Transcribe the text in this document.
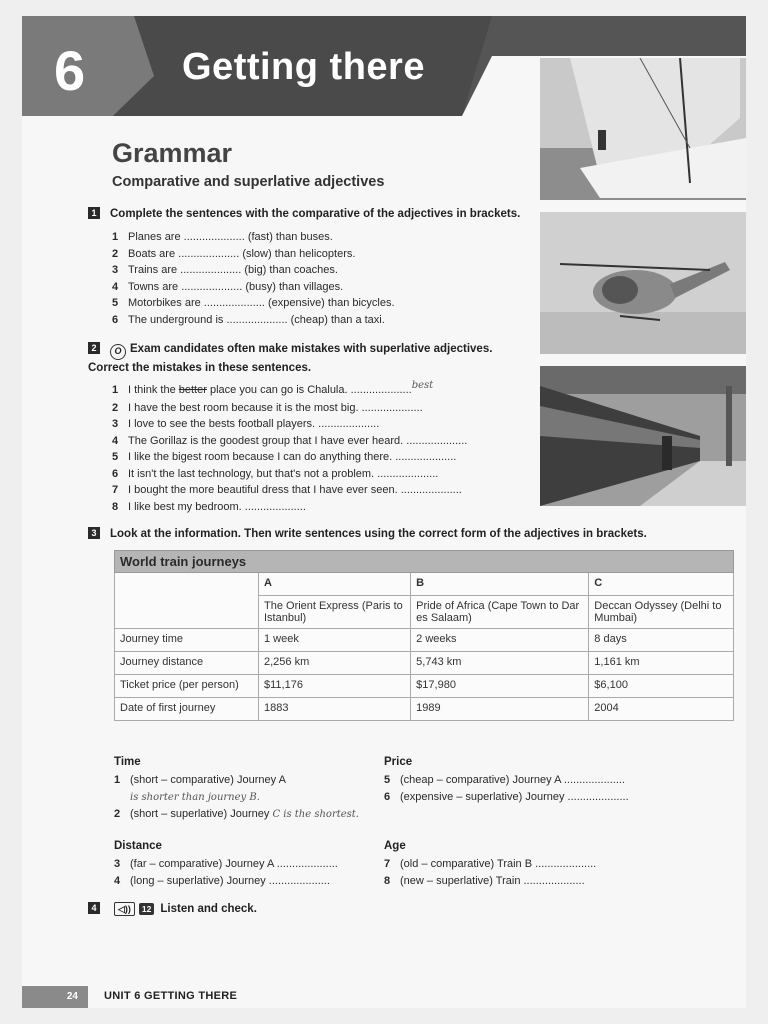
6	Getting there
Grammar
Comparative and superlative adjectives
1 Complete the sentences with the comparative of the adjectives in brackets.
1 Planes are .................... (fast) than buses.
2 Boats are .................... (slow) than helicopters.
3 Trains are .................... (big) than coaches.
4 Towns are .................... (busy) than villages.
5 Motorbikes are .................... (expensive) than bicycles.
6 The underground is .................... (cheap) than a taxi.
2 O Exam candidates often make mistakes with superlative adjectives.
Correct the mistakes in these sentences.
1 I think the better place you can go is Chalula. ....................best
2 I have the best room because it is the most big. ....................
3 I love to see the bests football players. ....................
4 The Gorillaz is the goodest group that I have ever heard. ....................
5 I like the bigest room because I can do anything there. ....................
6 It isn't the last technology, but that's not a problem. ....................
7 I bought the more beautiful dress that I have ever seen. ....................
8 I like best my bedroom. ....................
3 Look at the information. Then write sentences using the correct form of the adjectives in brackets.
World train journeys			
	A	B	C
	The Orient Express (Paris to Istanbul)	Pride of Africa (Cape Town to Dar es Salaam)	Deccan Odyssey (Delhi to Mumbai)
Journey time	1 week	2 weeks	8 days
Journey distance	2,256 km	5,743 km	1,161 km
Ticket price (per person)	$11,176	$17,980	$6,100
Date of first journey	1883	1989	2004
Time
1 (short – comparative) Journey A
is shorter than journey B.
2 (short – superlative) Journey C is the shortest.
Price
5 (cheap – comparative) Journey A ....................
6 (expensive – superlative) Journey ....................
Distance
3 (far – comparative) Journey A ....................
4 (long – superlative) Journey ....................
Age
7 (old – comparative) Train B ....................
8 (new – superlative) Train ....................
4 ◁)) 12 Listen and check.
24	UNIT 6 GETTING THERE
